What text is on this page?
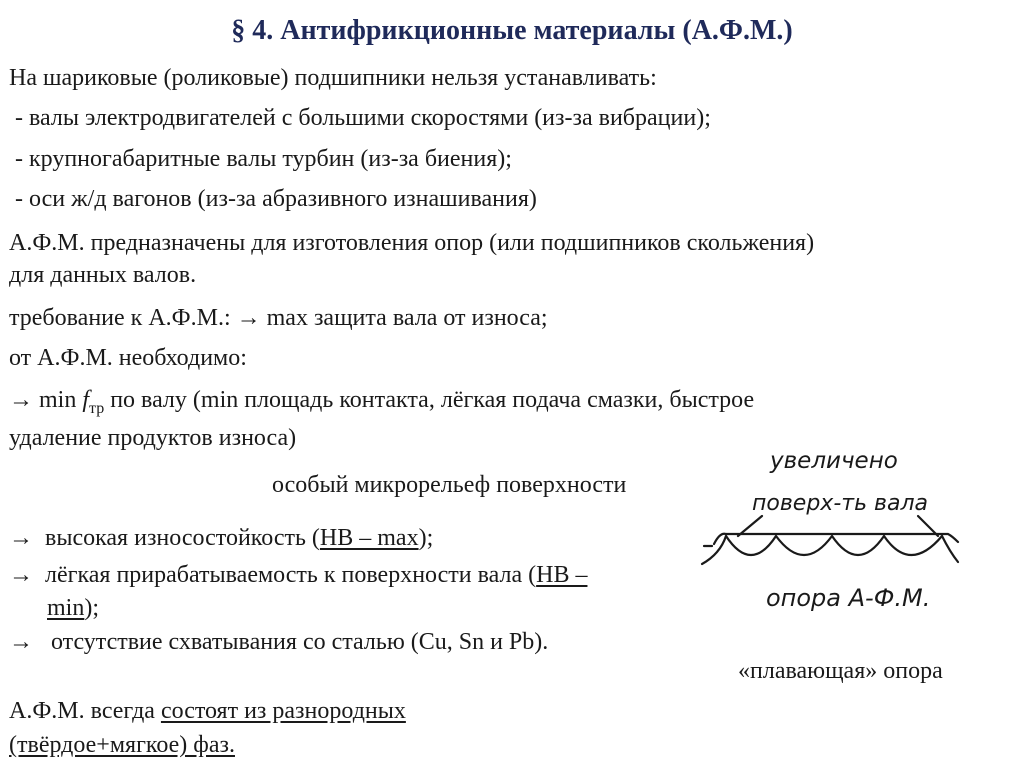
§ 4. Антифрикционные материалы (А.Ф.М.)
На шариковые (роликовые) подшипники нельзя устанавливать:
- валы электродвигателей с большими скоростями (из-за вибрации);
- крупногабаритные валы турбин (из-за биения);
- оси ж/д вагонов (из-за абразивного изнашивания)
А.Ф.М. предназначены для изготовления опор (или подшипников скольжения)
для данных валов.
требование к А.Ф.М.: → max защита вала от износа;
от А.Ф.М. необходимо:
→ $\min f_{тр}$ по валу (min площадь контакта, лёгкая подача смазки, быстрое
удаление продуктов износа)
особый микрорельеф поверхности
→ высокая износостойкость (НВ – max);
→ лёгкая прирабатываемость к поверхности вала (НВ –
min);
→ отсутствие схватывания со сталью (Cu, Sn и Pb).
«плавающая» опора
А.Ф.М. всегда состоят из разнородных
(твёрдое+мягкое) фаз.
увеличено
поверх-ть вала
опора А-Ф.М.
